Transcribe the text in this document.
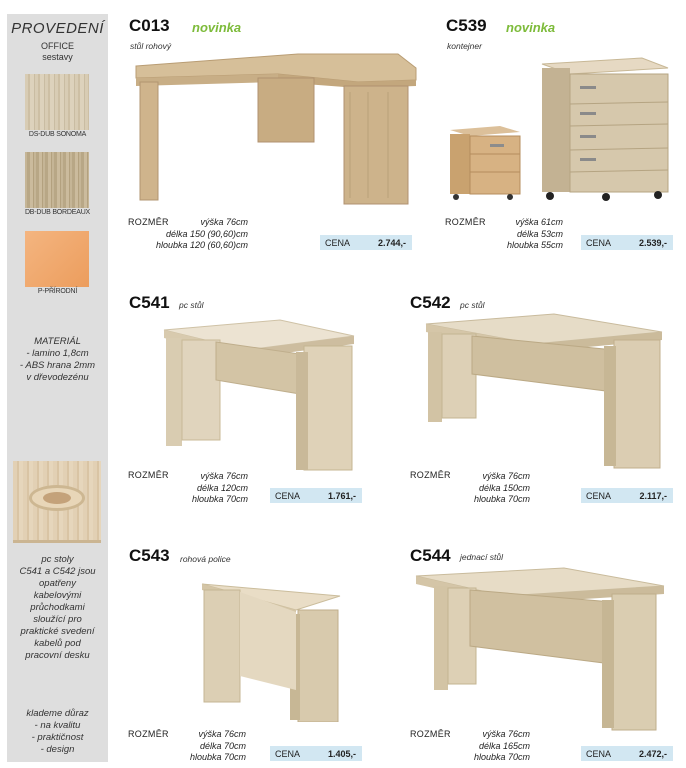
PROVEDENÍ
OFFICE
sestavy
DS-DUB SONOMA
DB-DUB BORDEAUX
P-PŘÍRODNÍ
MATERIÁL
- lamino 1,8cm
- ABS hrana 2mm
v dřevodezénu
pc stoly
C541 a C542 jsou
opatřeny
kabelovými
průchodkami
sloužící pro
praktické svedení
kabelů pod
pracovní desku
klademe důraz
- na kvalitu
- praktičnost
- design
C013 novinka
stůl rohový
ROZMĚR	výška 76cm
délka 150 (90,60)cm
hloubka 120 (60,60)cm	CENA	2.744,-
C539 novinka
kontejner
ROZMĚR	výška 61cm
délka 53cm
hloubka 55cm	CENA	2.539,-
C541 pc stůl
ROZMĚR	výška 76cm
délka 120cm
hloubka 70cm	CENA	1.761,-
C542 pc stůl
ROZMĚR	výška 76cm
délka 150cm
hloubka 70cm	CENA	2.117,-
C543 rohová police
ROZMĚR	výška 76cm
délka 70cm
hloubka 70cm	CENA	1.405,-
C544 jednací stůl
ROZMĚR	výška 76cm
délka 165cm
hloubka 70cm	CENA	2.472,-
